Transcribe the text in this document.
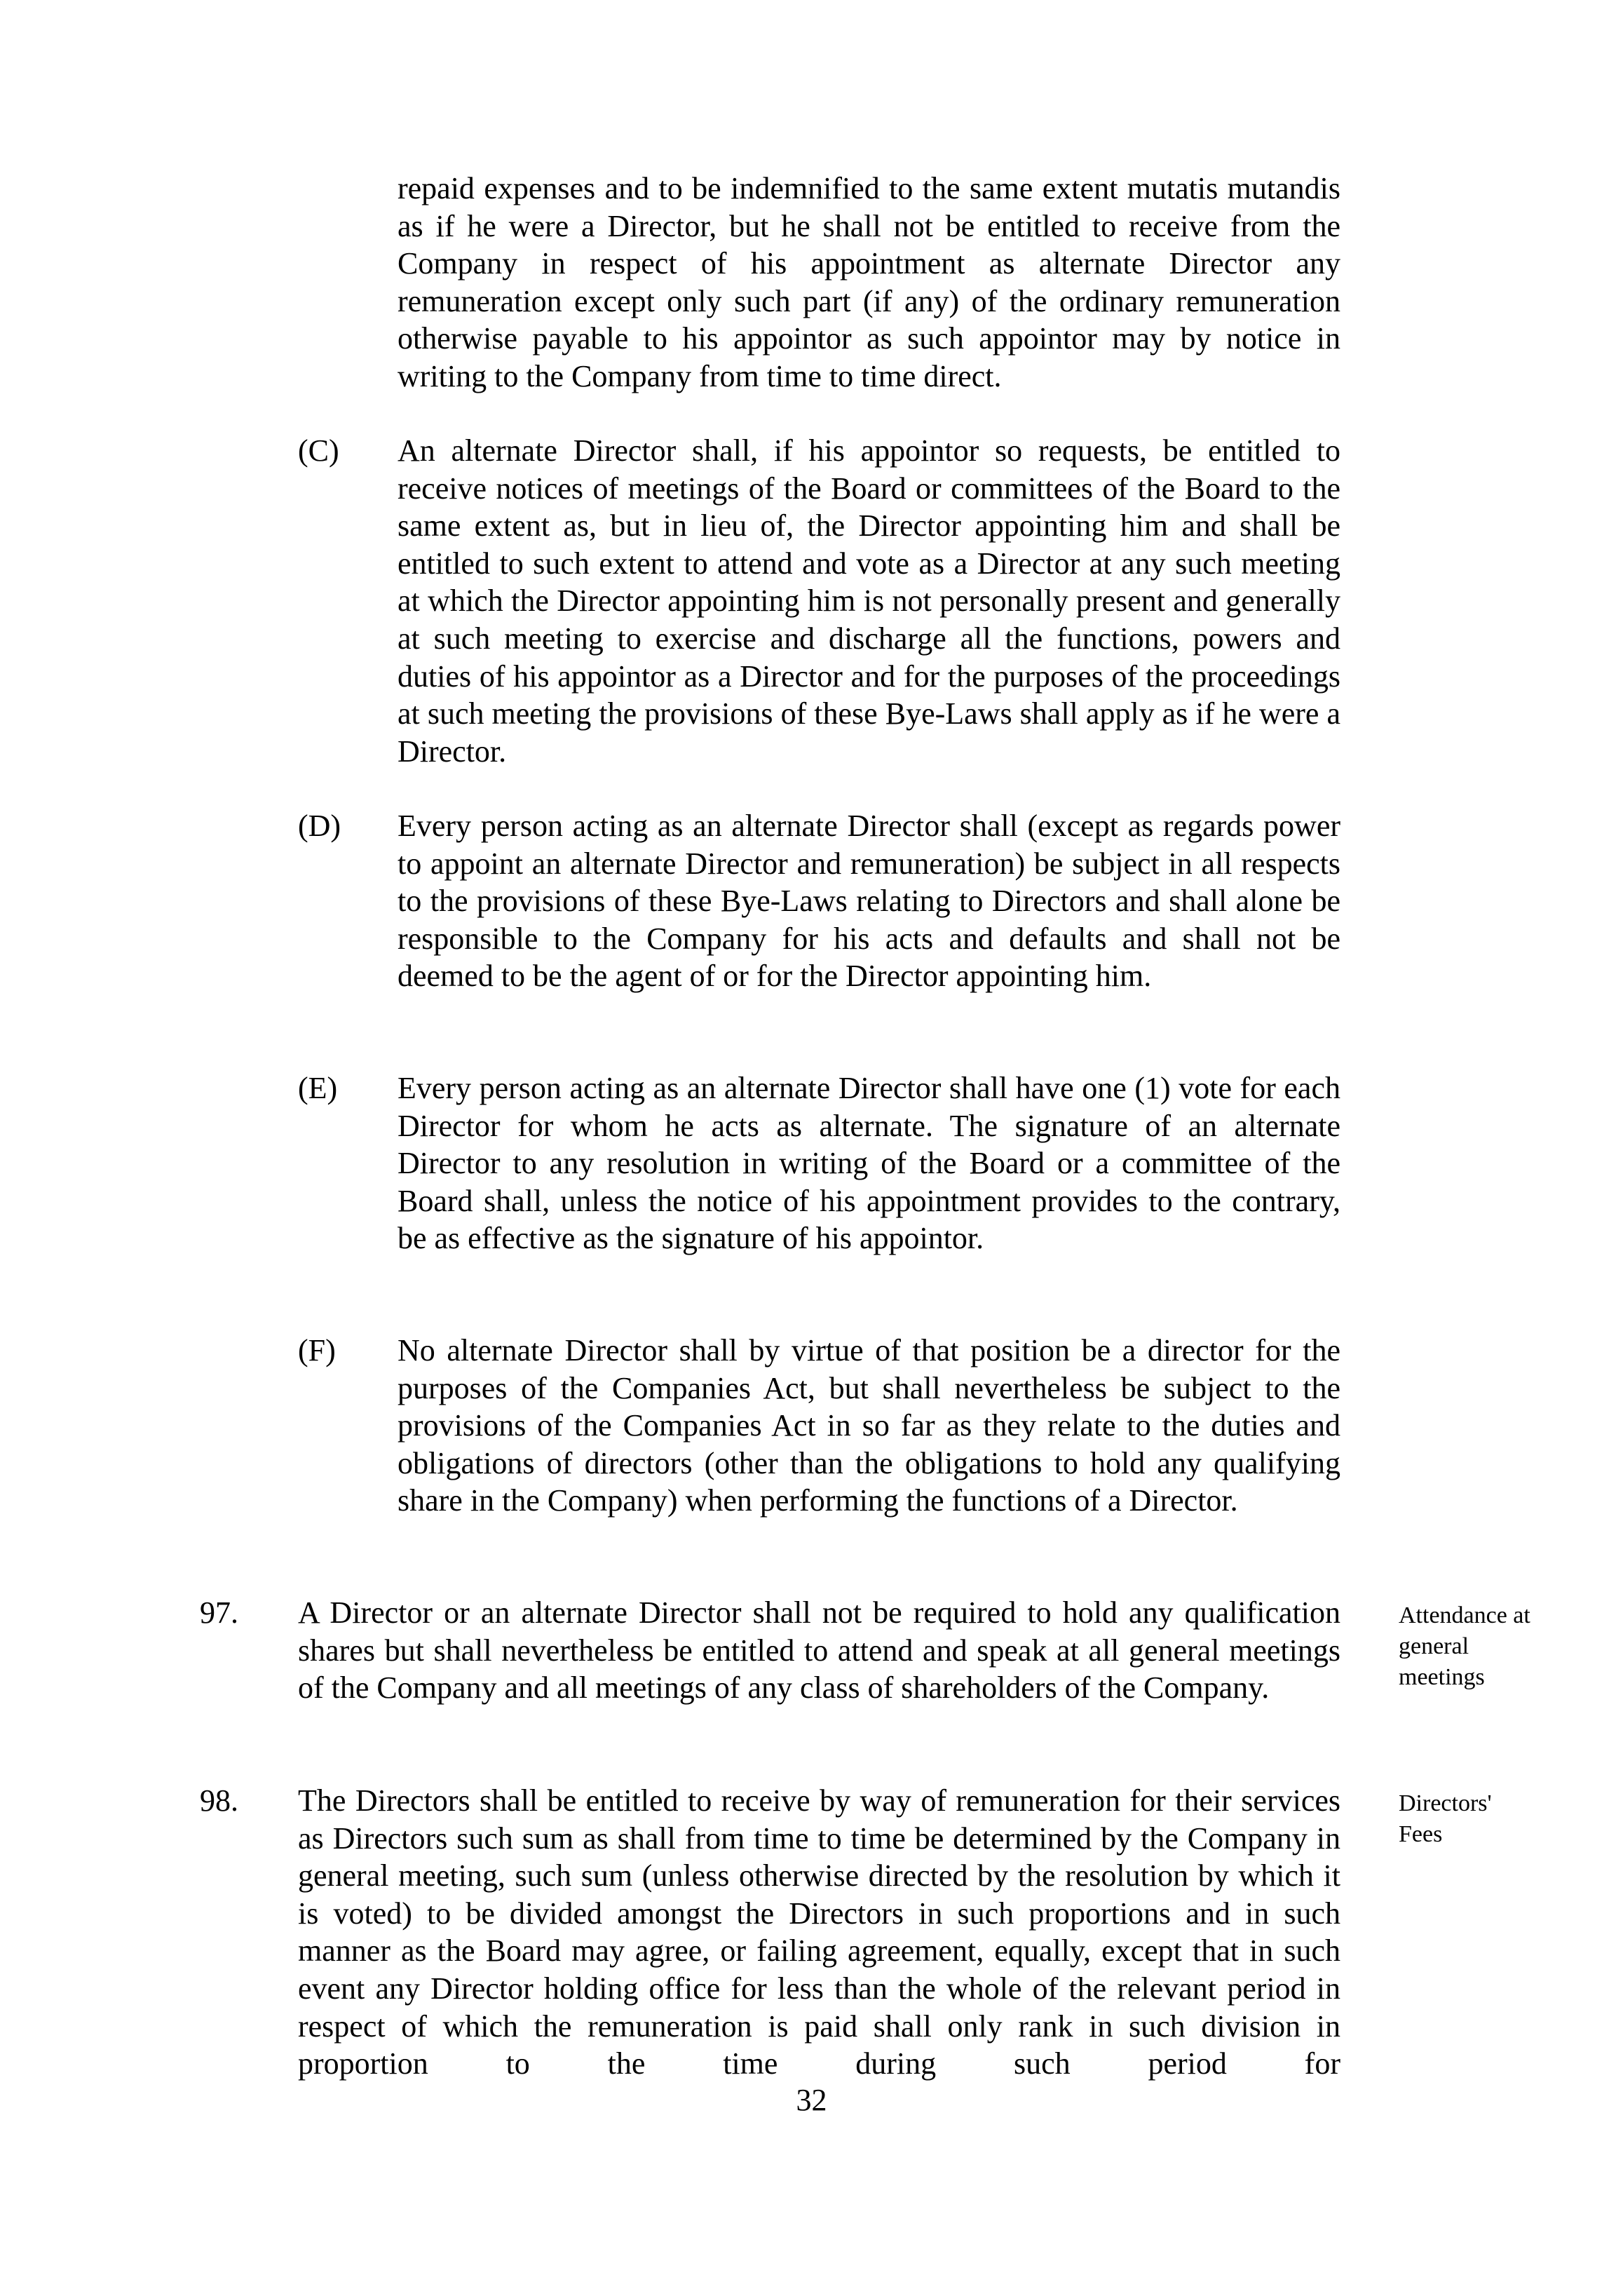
repaid expenses and to be indemnified to the same extent mutatis mutandis as if he were a Director, but he shall not be entitled to receive from the Company in respect of his appointment as alternate Director any remuneration except only such part (if any) of the ordinary remuneration otherwise payable to his appointor as such appointor may by notice in writing to the Company from time to time direct.

(C) An alternate Director shall, if his appointor so requests, be entitled to receive notices of meetings of the Board or committees of the Board to the same extent as, but in lieu of, the Director appointing him and shall be entitled to such extent to attend and vote as a Director at any such meeting at which the Director appointing him is not personally present and generally at such meeting to exercise and discharge all the functions, powers and duties of his appointor as a Director and for the purposes of the proceedings at such meeting the provisions of these Bye-Laws shall apply as if he were a Director.

(D) Every person acting as an alternate Director shall (except as regards power to appoint an alternate Director and remuneration) be subject in all respects to the provisions of these Bye-Laws relating to Directors and shall alone be responsible to the Company for his acts and defaults and shall not be deemed to be the agent of or for the Director appointing him.

(E) Every person acting as an alternate Director shall have one (1) vote for each Director for whom he acts as alternate. The signature of an alternate Director to any resolution in writing of the Board or a committee of the Board shall, unless the notice of his appointment provides to the contrary, be as effective as the signature of his appointor.

(F) No alternate Director shall by virtue of that position be a director for the purposes of the Companies Act, but shall nevertheless be subject to the provisions of the Companies Act in so far as they relate to the duties and obligations of directors (other than the obligations to hold any qualifying share in the Company) when performing the functions of a Director.

97. A Director or an alternate Director shall not be required to hold any qualification shares but shall nevertheless be entitled to attend and speak at all general meetings of the Company and all meetings of any class of shareholders of the Company.

Attendance at general meetings
98. The Directors shall be entitled to receive by way of remuneration for their services as Directors such sum as shall from time to time be determined by the Company in general meeting, such sum (unless otherwise directed by the resolution by which it is voted) to be divided amongst the Directors in such proportions and in such manner as the Board may agree, or failing agreement, equally, except that in such event any Director holding office for less than the whole of the relevant period in respect of which the remuneration is paid shall only rank in such division in proportion to the time during such period for

Directors' Fees
32
